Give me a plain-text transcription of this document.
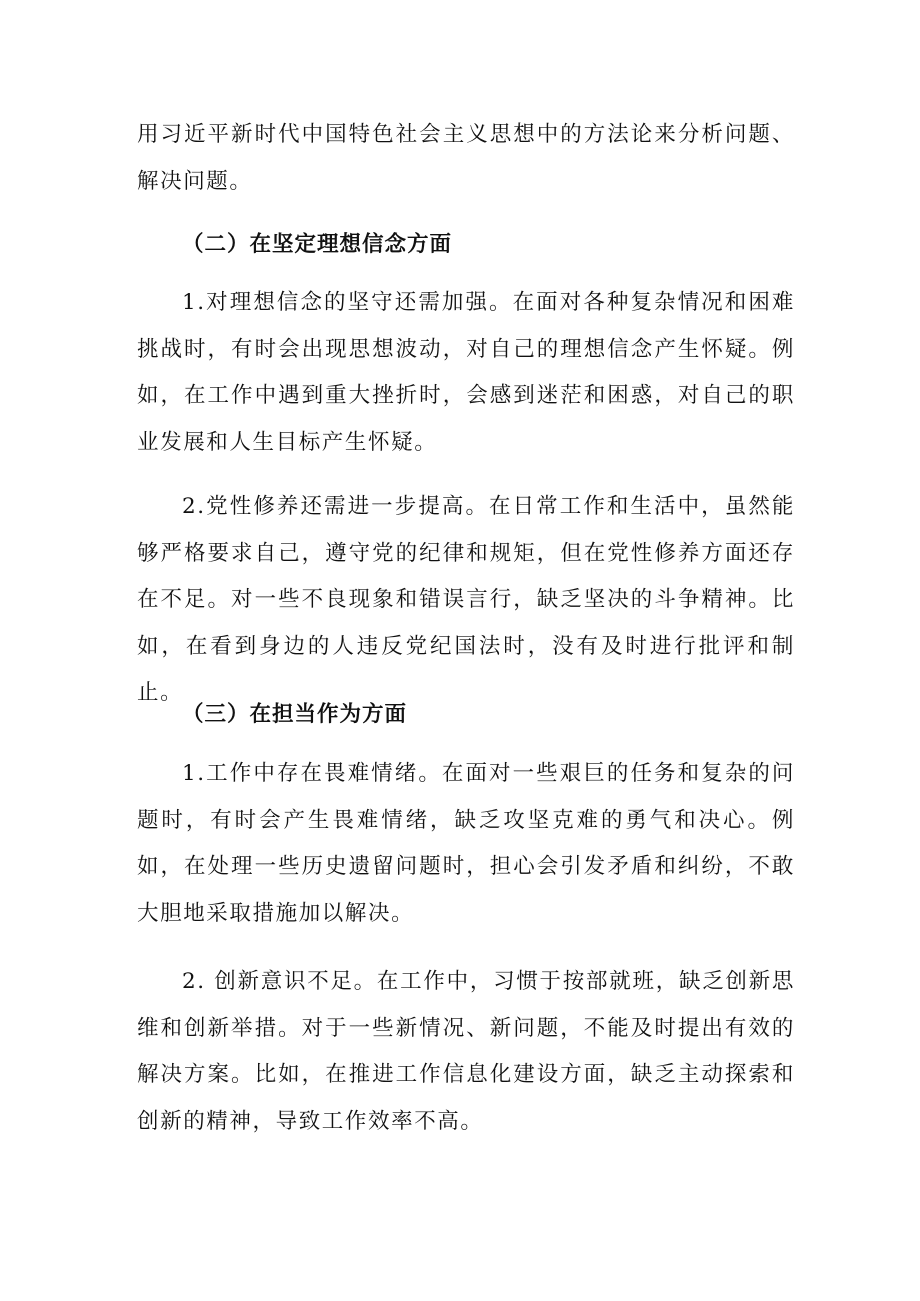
用习近平新时代中国特色社会主义思想中的方法论来分析问题、解决问题。

（二）在坚定理想信念方面

1.对理想信念的坚守还需加强。在面对各种复杂情况和困难挑战时，有时会出现思想波动，对自己的理想信念产生怀疑。例如，在工作中遇到重大挫折时，会感到迷茫和困惑，对自己的职业发展和人生目标产生怀疑。

2.党性修养还需进一步提高。在日常工作和生活中，虽然能够严格要求自己，遵守党的纪律和规矩，但在党性修养方面还存在不足。对一些不良现象和错误言行，缺乏坚决的斗争精神。比如，在看到身边的人违反党纪国法时，没有及时进行批评和制止。

（三）在担当作为方面

1.工作中存在畏难情绪。在面对一些艰巨的任务和复杂的问题时，有时会产生畏难情绪，缺乏攻坚克难的勇气和决心。例如，在处理一些历史遗留问题时，担心会引发矛盾和纠纷，不敢大胆地采取措施加以解决。

2. 创新意识不足。在工作中，习惯于按部就班，缺乏创新思维和创新举措。对于一些新情况、新问题，不能及时提出有效的解决方案。比如，在推进工作信息化建设方面，缺乏主动探索和创新的精神，导致工作效率不高。
